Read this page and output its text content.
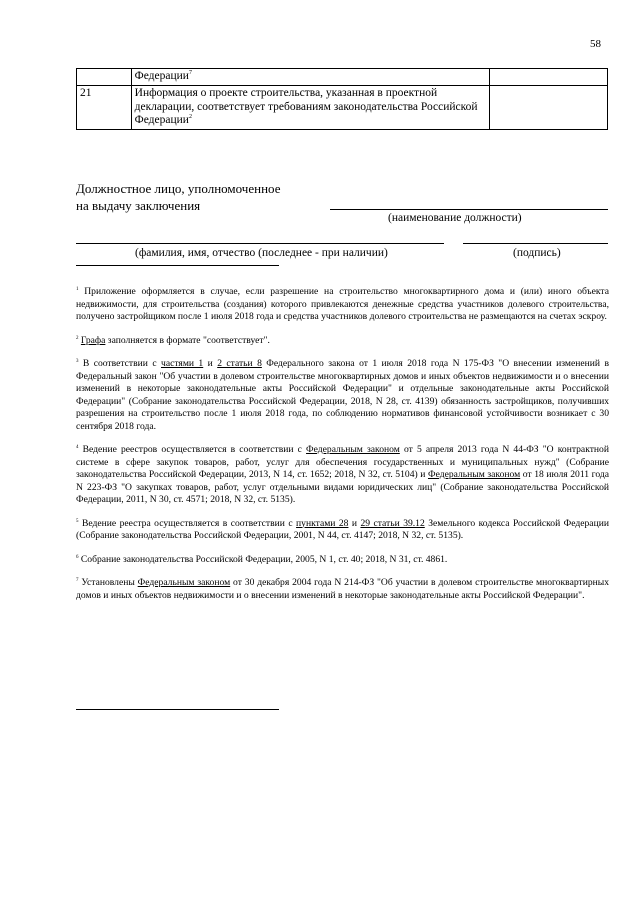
58
	Федерации$^7$	
21	Информация о проекте строительства, указанная в проектной декларации, соответствует требованиям законодательства Российской Федерации$^2$	
Должностное лицо, уполномоченное
на выдачу заключения
(наименование должности)
(фамилия, имя, отчество (последнее - при наличии)	(подпись)

$^1$ Приложение оформляется в случае, если разрешение на строительство многоквартирного дома и (или) иного объекта недвижимости, для строительства (создания) которого привлекаются денежные средства участников долевого строительства, получено застройщиком после 1 июля 2018 года и средства участников долевого строительства не размещаются на счетах эскроу.

$^2$ Графа заполняется в формате "соответствует".

$^3$ В соответствии с частями 1 и 2 статьи 8 Федерального закона от 1 июля 2018 года N 175-ФЗ "О внесении изменений в Федеральный закон "Об участии в долевом строительстве многоквартирных домов и иных объектов недвижимости и о внесении изменений в некоторые законодательные акты Российской Федерации" и отдельные законодательные акты Российской Федерации" (Собрание законодательства Российской Федерации, 2018, N 28, ст. 4139) обязанность застройщиков, получивших разрешения на строительство после 1 июля 2018 года, по соблюдению нормативов финансовой устойчивости возникает с 30 сентября 2018 года.

$^4$ Ведение реестров осуществляется в соответствии с Федеральным законом от 5 апреля 2013 года N 44-ФЗ "О контрактной системе в сфере закупок товаров, работ, услуг для обеспечения государственных и муниципальных нужд" (Собрание законодательства Российской Федерации, 2013, N 14, ст. 1652; 2018, N 32, ст. 5104) и Федеральным законом от 18 июля 2011 года N 223-ФЗ "О закупках товаров, работ, услуг отдельными видами юридических лиц" (Собрание законодательства Российской Федерации, 2011, N 30, ст. 4571; 2018, N 32, ст. 5135).

$^5$ Ведение реестра осуществляется в соответствии с пунктами 28 и 29 статьи 39.12 Земельного кодекса Российской Федерации (Собрание законодательства Российской Федерации, 2001, N 44, ст. 4147; 2018, N 32, ст. 5135).

$^6$ Собрание законодательства Российской Федерации, 2005, N 1, ст. 40; 2018, N 31, ст. 4861.

$^7$ Установлены Федеральным законом от 30 декабря 2004 года N 214-ФЗ "Об участии в долевом строительстве многоквартирных домов и иных объектов недвижимости и о внесении изменений в некоторые законодательные акты Российской Федерации".
